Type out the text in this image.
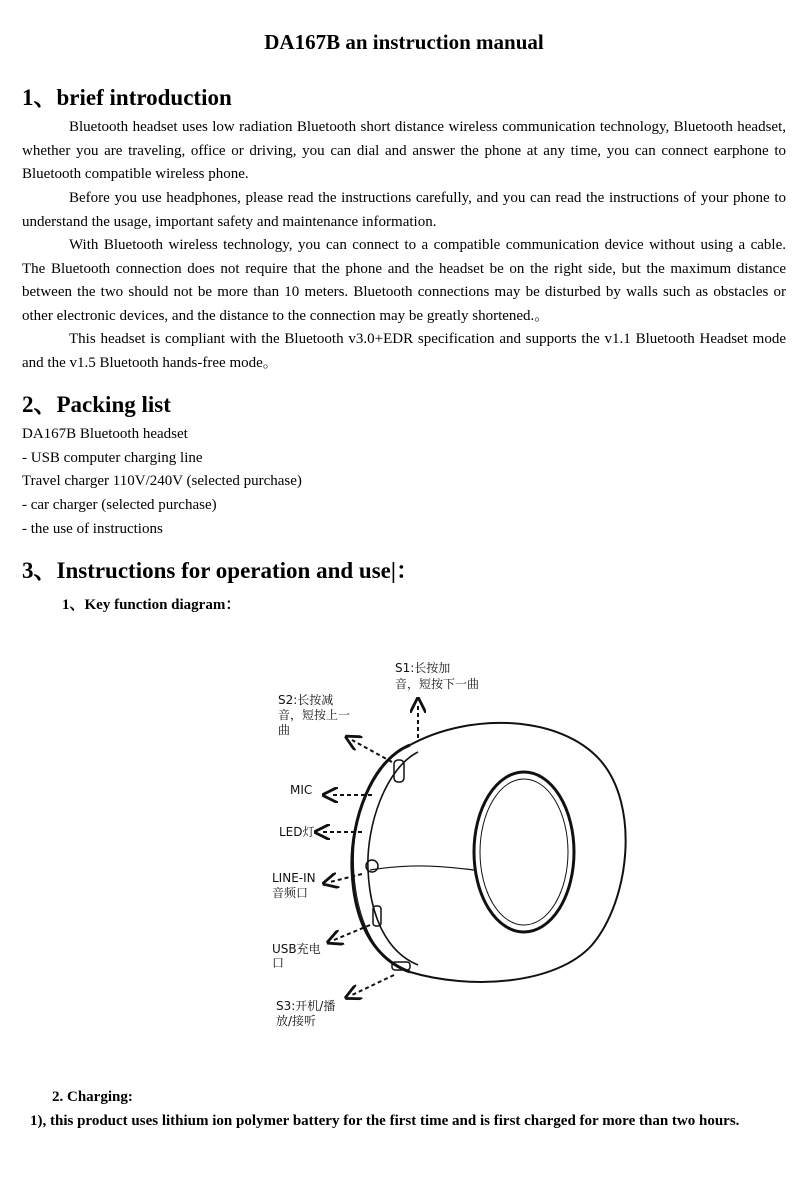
DA167B an instruction manual
1、brief introduction

Bluetooth headset uses low radiation Bluetooth short distance wireless communication technology, Bluetooth headset, whether you are traveling, office or driving, you can dial and answer the phone at any time, you can connect earphone to Bluetooth compatible wireless phone.

Before you use headphones, please read the instructions carefully, and you can read the instructions of your phone to understand the usage, important safety and maintenance information.

With Bluetooth wireless technology, you can connect to a compatible communication device without using a cable. The Bluetooth connection does not require that the phone and the headset be on the right side, but the maximum distance between the two should not be more than 10 meters. Bluetooth connections may be disturbed by walls such as obstacles or other electronic devices, and the distance to the connection may be greatly shortened.。

This headset is compliant with the Bluetooth v3.0+EDR specification and supports the v1.1 Bluetooth Headset mode and the v1.5 Bluetooth hands-free mode。

2、Packing list

DA167B Bluetooth headset

- USB computer charging line

Travel charger 110V/240V (selected purchase)

- car charger (selected purchase)

- the use of instructions

3、Instructions for operation and use|：
1、Key function diagram：
2. Charging:

1), this product uses lithium ion polymer battery for the first time and is first charged for more than two hours.

S1:长按加
音，短按下一曲
S2:长按减
音，短按上一
曲
MIC
LED灯
LINE-IN
音频口
USB充电
口
S3:开机/播
放/接听
